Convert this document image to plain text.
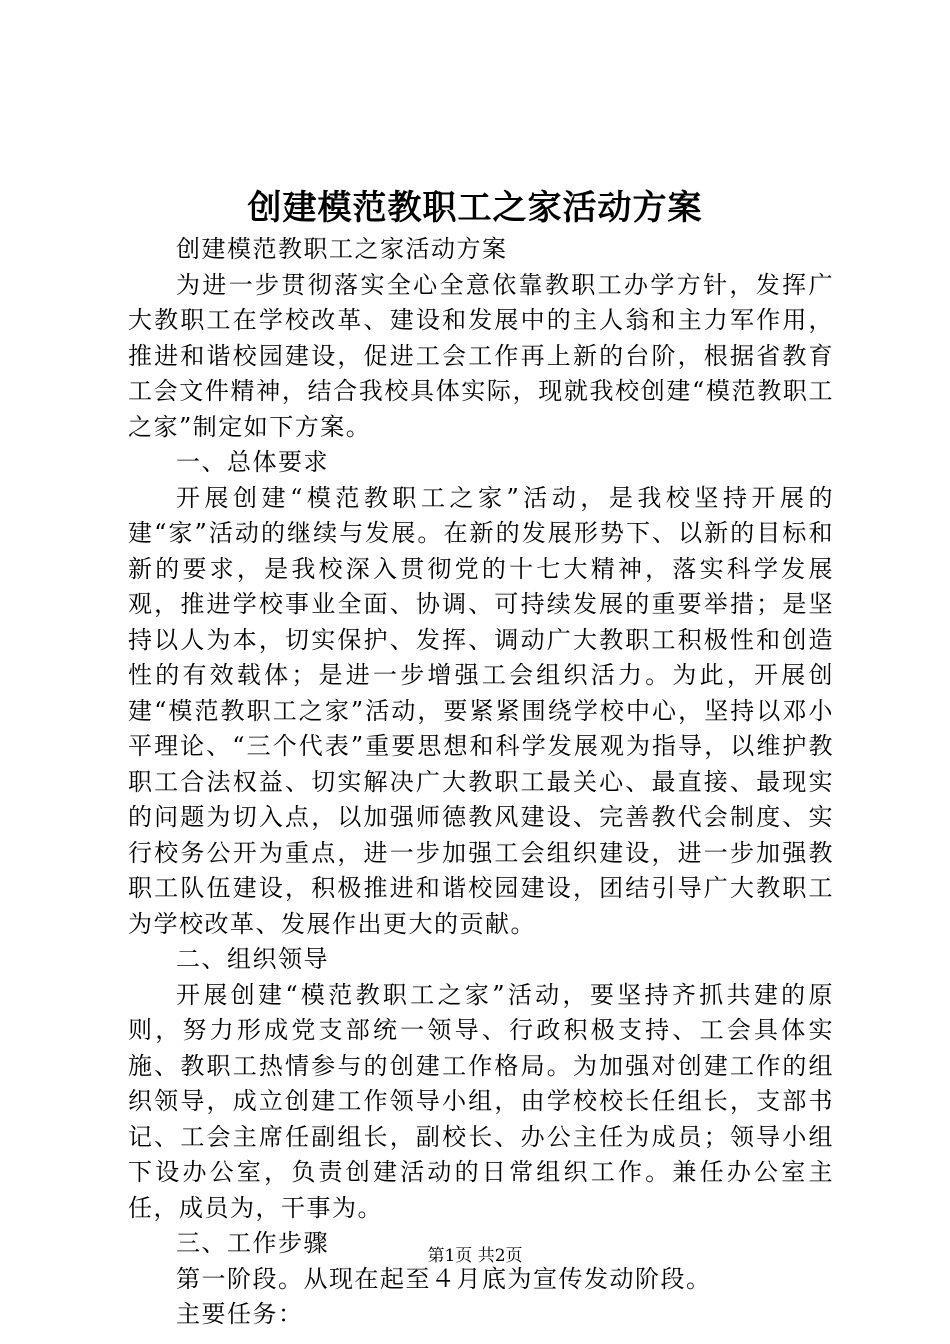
创建模范教职工之家活动方案

创建模范教职工之家活动方案

为进一步贯彻落实全心全意依靠教职工办学方针，发挥广大教职工在学校改革、建设和发展中的主人翁和主力军作用，推进和谐校园建设，促进工会工作再上新的台阶，根据省教育工会文件精神，结合我校具体实际，现就我校创建“模范教职工之家”制定如下方案。

一、总体要求

开展创建“模范教职工之家”活动，是我校坚持开展的建“家”活动的继续与发展。在新的发展形势下、以新的目标和新的要求，是我校深入贯彻党的十七大精神，落实科学发展观，推进学校事业全面、协调、可持续发展的重要举措；是坚持以人为本，切实保护、发挥、调动广大教职工积极性和创造性的有效载体；是进一步增强工会组织活力。为此，开展创建“模范教职工之家”活动，要紧紧围绕学校中心，坚持以邓小平理论、“三个代表”重要思想和科学发展观为指导，以维护教职工合法权益、切实解决广大教职工最关心、最直接、最现实的问题为切入点，以加强师德教风建设、完善教代会制度、实行校务公开为重点，进一步加强工会组织建设，进一步加强教职工队伍建设，积极推进和谐校园建设，团结引导广大教职工为学校改革、发展作出更大的贡献。

二、组织领导

开展创建“模范教职工之家”活动，要坚持齐抓共建的原则，努力形成党支部统一领导、行政积极支持、工会具体实施、教职工热情参与的创建工作格局。为加强对创建工作的组织领导，成立创建工作领导小组，由学校校长任组长，支部书记、工会主席任副组长，副校长、办公主任为成员；领导小组下设办公室，负责创建活动的日常组织工作。兼任办公室主任，成员为，干事为。

三、工作步骤

第一阶段。从现在起至４月底为宣传发动阶段。

主要任务：

第1页 共2页
